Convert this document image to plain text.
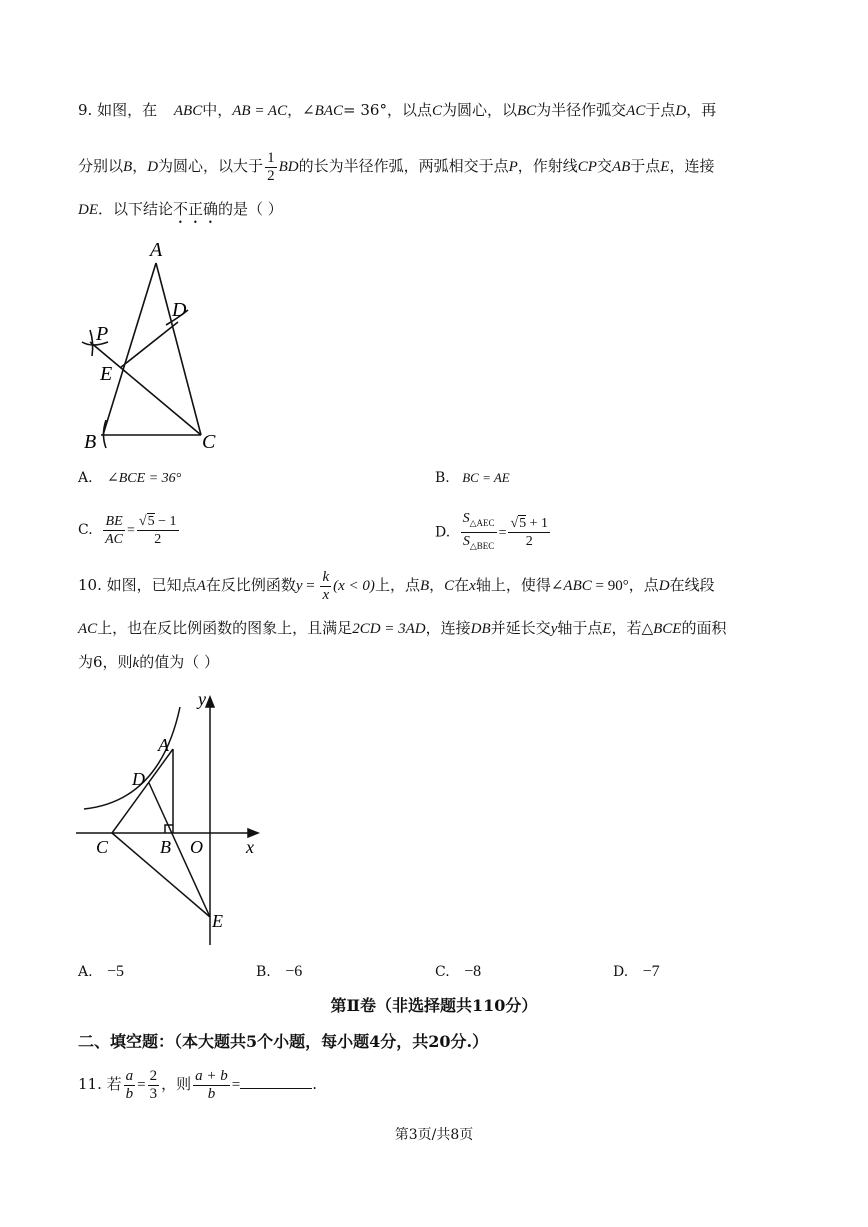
9. 如图，在 ABC中，AB = AC，∠BAC= 36°，以点C为圆心，以BC为半径作弧交AC于点D，再
分别以B，D为圆心，以大于 $\frac{1}{2}$ BD的长为半径作弧，两弧相交于点P，作射线CP交AB于点E，连接
DE．以下结论不正确的是（ ）
A
D
P
E
B	C
A. ∠BCE = 36°	B. BC = AE
C. $\frac{BE}{AC} = \frac{√5 - 1}{2}$	D. $\frac{S_{\triangle AEC}}{S_{\triangle BEC}} = \frac{√5 + 1}{2}$
10. 如图，已知点A在反比例函数$y = \frac{k}{x} (x < 0)$上，点B，C在x轴上，使得∠ABC = 90°，点D在线段
AC上，也在反比例函数的图象上，且满足2CD = 3AD，连接DB并延长交y轴于点E，若△BCE的面积
为6，则k的值为（ ）
y
A
D
C	B O x
E
A. −5	B. −6	C. −8	D. −7
第Ⅱ卷（非选择题共110分）
二、填空题：（本大题共5个小题，每小题4分，共20分.）
11. 若 $\frac{a}{b} = \frac{2}{3}$ ，则 $\frac{a + b}{b}$ =	.
第3页/共8页
